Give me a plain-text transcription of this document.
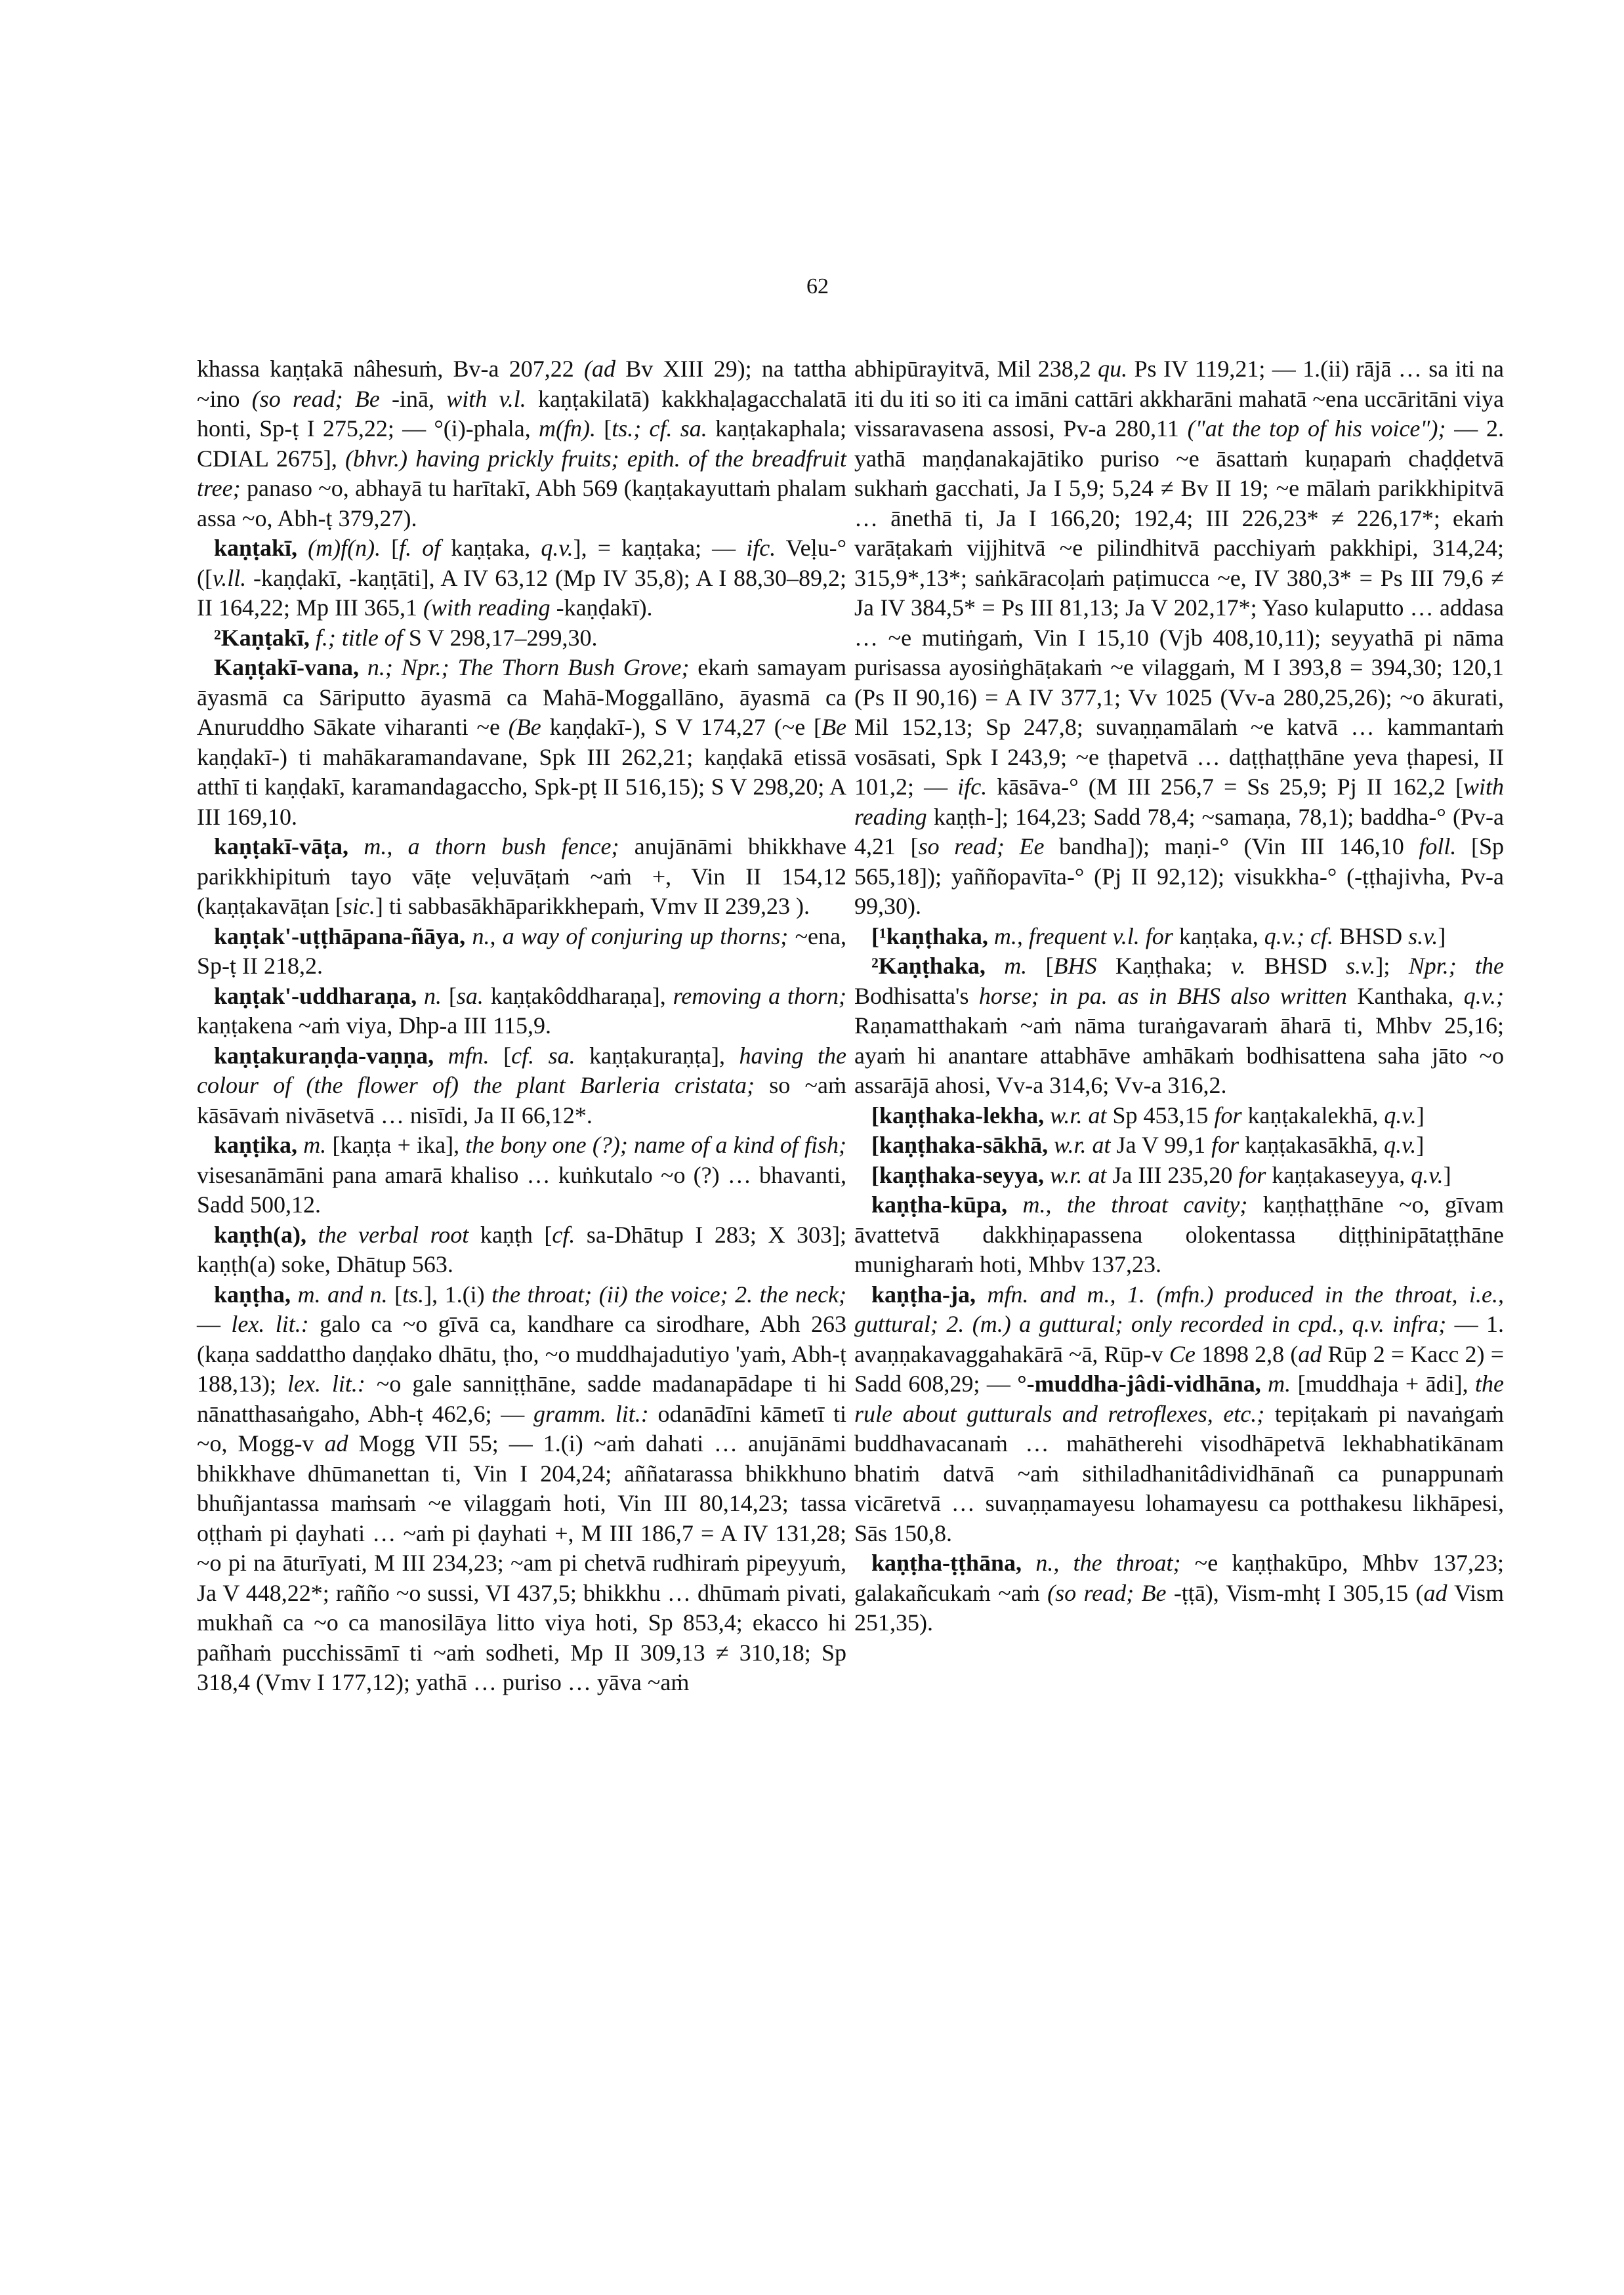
62

khassa kaṇṭakā nâhesuṁ, Bv-a 207,22 (ad Bv XIII 29); na tattha ~ino (so read; Be -inā, with v.l. kaṇṭakilatā) kakkhaḷagacchalatā honti, Sp-ṭ I 275,22; — °(i)-phala, m(fn). [ts.; cf. sa. kaṇṭakaphala; CDIAL 2675], (bhvr.) having prickly fruits; epith. of the breadfruit tree; panaso ~o, abhayā tu harītakī, Abh 569 (kaṇṭakayuttaṁ phalam assa ~o, Abh-ṭ 379,27).

kaṇṭakī, (m)f(n). [f. of kaṇṭaka, q.v.], = kaṇṭaka; — ifc. Veḷu-° ([v.ll. -kaṇḍakī, -kaṇṭāti], A IV 63,12 (Mp IV 35,8); A I 88,30–89,2; II 164,22; Mp III 365,1 (with reading -kaṇḍakī).

²Kaṇṭakī, f.; title of S V 298,17–299,30.

Kaṇṭakī-vana, n.; Npr.; The Thorn Bush Grove; ekaṁ samayam āyasmā ca Sāriputto āyasmā ca Mahā-Moggallāno, āyasmā ca Anuruddho Sākate viharanti ~e (Be kaṇḍakī-), S V 174,27 (~e [Be kaṇḍakī-) ti mahākaramandavane, Spk III 262,21; kaṇḍakā etissā atthī ti kaṇḍakī, karamandagaccho, Spk-pṭ II 516,15); S V 298,20; A III 169,10.

kaṇṭakī-vāṭa, m., a thorn bush fence; anujānāmi bhikkhave parikkhipituṁ tayo vāṭe veḷuvāṭaṁ ~aṁ +, Vin II 154,12 (kaṇṭakavāṭan [sic.] ti sabbasākhāparikkhepaṁ, Vmv II 239,23 ).

kaṇṭak'-uṭṭhāpana-ñāya, n., a way of conjuring up thorns; ~ena, Sp-ṭ II 218,2.

kaṇṭak'-uddharaṇa, n. [sa. kaṇṭakôddharaṇa], removing a thorn; kaṇṭakena ~aṁ viya, Dhp-a III 115,9.

kaṇṭakuraṇḍa-vaṇṇa, mfn. [cf. sa. kaṇṭakuraṇṭa], having the colour of (the flower of) the plant Barleria cristata; so ~aṁ kāsāvaṁ nivāsetvā … nisīdi, Ja II 66,12*.

kaṇṭika, m. [kaṇṭa + ika], the bony one (?); name of a kind of fish; visesanāmāni pana amarā khaliso … kuṅkutalo ~o (?) … bhavanti, Sadd 500,12.

kaṇṭh(a), the verbal root kaṇṭh [cf. sa-Dhātup I 283; X 303]; kaṇṭh(a) soke, Dhātup 563.

kaṇṭha, m. and n. [ts.], 1.(i) the throat; (ii) the voice; 2. the neck; — lex. lit.: galo ca ~o gīvā ca, kandhare ca sirodhare, Abh 263 (kaṇa saddattho daṇḍako dhātu, ṭho, ~o muddhajadutiyo 'yaṁ, Abh-ṭ 188,13); lex. lit.: ~o gale sanniṭṭhāne, sadde madanapādape ti hi nānatthasaṅgaho, Abh-ṭ 462,6; — gramm. lit.: odanādīni kāmetī ti ~o, Mogg-v ad Mogg VII 55; — 1.(i) ~aṁ dahati … anujānāmi bhikkhave dhūmanettan ti, Vin I 204,24; aññatarassa bhikkhuno bhuñjantassa maṁsaṁ ~e vilaggaṁ hoti, Vin III 80,14,23; tassa oṭṭhaṁ pi ḍayhati … ~aṁ pi ḍayhati +, M III 186,7 = A IV 131,28; ~o pi na āturīyati, M III 234,23; ~am pi chetvā rudhiraṁ pipeyyuṁ, Ja V 448,22*; rañño ~o sussi, VI 437,5; bhikkhu … dhūmaṁ pivati, mukhañ ca ~o ca manosilāya litto viya hoti, Sp 853,4; ekacco hi pañhaṁ pucchissāmī ti ~aṁ sodheti, Mp II 309,13 ≠ 310,18; Sp 318,4 (Vmv I 177,12); yathā … puriso … yāva ~aṁ

abhipūrayitvā, Mil 238,2 qu. Ps IV 119,21; — 1.(ii) rājā … sa iti na iti du iti so iti ca imāni cattāri akkharāni mahatā ~ena uccāritāni viya vissaravasena assosi, Pv-a 280,11 ("at the top of his voice"); — 2. yathā maṇḍanakajātiko puriso ~e āsattaṁ kuṇapaṁ chaḍḍetvā sukhaṁ gacchati, Ja I 5,9; 5,24 ≠ Bv II 19; ~e mālaṁ parikkhipitvā … ānethā ti, Ja I 166,20; 192,4; III 226,23* ≠ 226,17*; ekaṁ varāṭakaṁ vijjhitvā ~e pilindhitvā pacchiyaṁ pakkhipi, 314,24; 315,9*,13*; saṅkāracoḷaṁ paṭimucca ~e, IV 380,3* = Ps III 79,6 ≠ Ja IV 384,5* = Ps III 81,13; Ja V 202,17*; Yaso kulaputto … addasa … ~e mutiṅgaṁ, Vin I 15,10 (Vjb 408,10,11); seyyathā pi nāma purisassa ayosiṅghāṭakaṁ ~e vilaggaṁ, M I 393,8 = 394,30; 120,1 (Ps II 90,16) = A IV 377,1; Vv 1025 (Vv-a 280,25,26); ~o ākurati, Mil 152,13; Sp 247,8; suvaṇṇamālaṁ ~e katvā … kammantaṁ vosāsati, Spk I 243,9; ~e ṭhapetvā … daṭṭhaṭṭhāne yeva ṭhapesi, II 101,2; — ifc. kāsāva-° (M III 256,7 = Ss 25,9; Pj II 162,2 [with reading kaṇṭh-]; 164,23; Sadd 78,4; ~samaṇa, 78,1); baddha-° (Pv-a 4,21 [so read; Ee bandha]); maṇi-° (Vin III 146,10 foll. [Sp 565,18]); yaññopavīta-° (Pj II 92,12); visukkha-° (-ṭṭhajivha, Pv-a 99,30).

[¹kaṇṭhaka, m., frequent v.l. for kaṇṭaka, q.v.; cf. BHSD s.v.]

²Kaṇṭhaka, m. [BHS Kaṇṭhaka; v. BHSD s.v.]; Npr.; the Bodhisatta's horse; in pa. as in BHS also written Kanthaka, q.v.; Raṇamatthakaṁ ~aṁ nāma turaṅgavaraṁ āharā ti, Mhbv 25,16; ayaṁ hi anantare attabhāve amhākaṁ bodhisattena saha jāto ~o assarājā ahosi, Vv-a 314,6; Vv-a 316,2.

[kaṇṭhaka-lekha, w.r. at Sp 453,15 for kaṇṭakalekhā, q.v.]

[kaṇṭhaka-sākhā, w.r. at Ja V 99,1 for kaṇṭakasākhā, q.v.]

[kaṇṭhaka-seyya, w.r. at Ja III 235,20 for kaṇṭakaseyya, q.v.]

kaṇṭha-kūpa, m., the throat cavity; kaṇṭhaṭṭhāne ~o, gīvam āvattetvā dakkhiṇapassena olokentassa diṭṭhinipātaṭṭhāne munigharaṁ hoti, Mhbv 137,23.

kaṇṭha-ja, mfn. and m., 1. (mfn.) produced in the throat, i.e., guttural; 2. (m.) a guttural; only recorded in cpd., q.v. infra; — 1. avaṇṇakavaggahakārā ~ā, Rūp-v Ce 1898 2,8 (ad Rūp 2 = Kacc 2) = Sadd 608,29; — °-muddha-jâdi-vidhāna, m. [muddhaja + ādi], the rule about gutturals and retroflexes, etc.; tepiṭakaṁ pi navaṅgaṁ buddhavacanaṁ … mahātherehi visodhāpetvā lekhabhatikānam bhatiṁ datvā ~aṁ sithiladhanitâdividhānañ ca punappunaṁ vicāretvā … suvaṇṇamayesu lohamayesu ca potthakesu likhāpesi, Sās 150,8.

kaṇṭha-ṭṭhāna, n., the throat; ~e kaṇṭhakūpo, Mhbv 137,23; galakañcukaṁ ~aṁ (so read; Be -ṭṭā), Vism-mhṭ I 305,15 (ad Vism 251,35).
